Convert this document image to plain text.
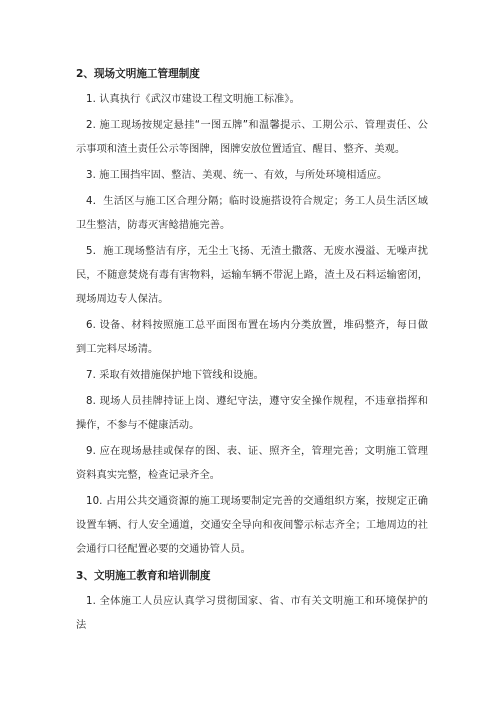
2、现场文明施工管理制度
1. 认真执行《武汉市建设工程文明施工标准》。
2. 施工现场按规定悬挂“一图五牌”和温馨提示、工期公示、管理责任、公示事项和渣土责任公示等图牌，图牌安放位置适宜、醒目、整齐、美观。
3. 施工围挡牢固、整洁、美观、统一、有效，与所处环境相适应。
4．生活区与施工区合理分隔；临时设施搭设符合规定；务工人员生活区域卫生整洁，防毒灭害鲶措施完善。
5．施工现场整洁有序，无尘土飞扬、无渣土撒落、无废水漫溢、无噪声扰民，不随意焚烧有毒有害物料，运输车辆不带泥上路，渣土及石料运输密闭，现场周边专人保洁。
6. 设备、材料按照施工总平面图布置在场内分类放置，堆码整齐，每日做到工完料尽场清。
7. 采取有效措施保护地下管线和设施。
8. 现场人员挂牌持证上岗、遵纪守法，遵守安全操作规程，不违章指挥和操作，不参与不健康活动。
9. 应在现场悬挂或保存的图、表、证、照齐全，管理完善；文明施工管理资料真实完整，检查记录齐全。
10. 占用公共交通资源的施工现场要制定完善的交通组织方案，按规定正确设置车辆、行人安全通道，交通安全导向和夜间警示标志齐全；工地周边的社会通行口径配置必要的交通协管人员。
3、文明施工教育和培训制度
1. 全体施工人员应认真学习贯彻国家、省、市有关文明施工和环境保护的法
